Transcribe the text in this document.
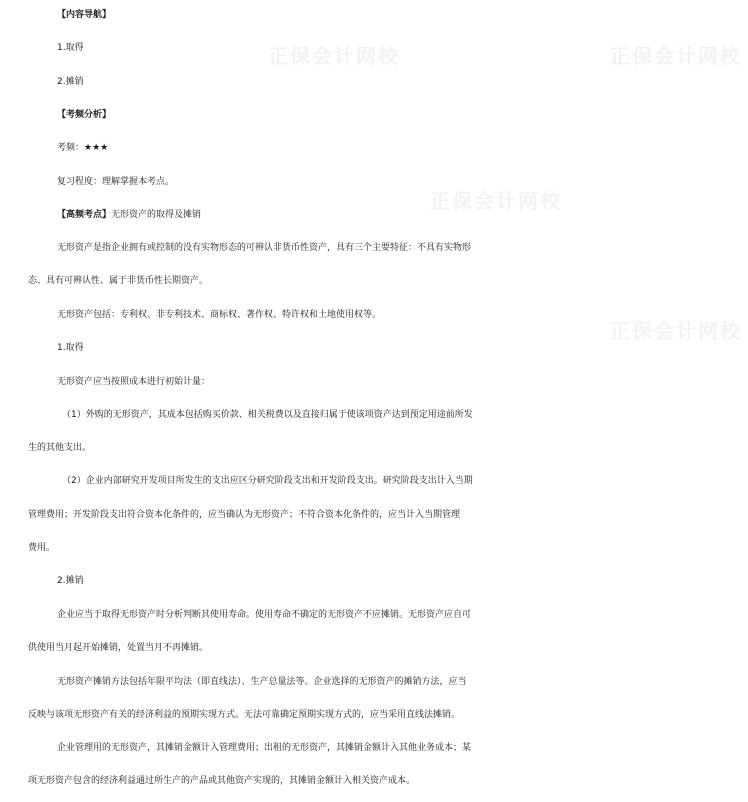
正保会计网校	正保会计网校
正保会计网校
正保会计网校
【内容导航】
1.取得
2.摊销
【考频分析】
考频：★★★
复习程度：理解掌握本考点。
【高频考点】无形资产的取得及摊销
无形资产是指企业拥有或控制的没有实物形态的可辨认非货币性资产，具有三个主要特征：不具有实物形
态、具有可辨认性、属于非货币性长期资产。
无形资产包括：专利权、非专利技术、商标权、著作权、特许权和土地使用权等。
1.取得
无形资产应当按照成本进行初始计量：
（1）外购的无形资产，其成本包括购买价款、相关税费以及直接归属于使该项资产达到预定用途前所发
生的其他支出。
（2）企业内部研究开发项目所发生的支出应区分研究阶段支出和开发阶段支出。研究阶段支出计入当期
管理费用；开发阶段支出符合资本化条件的，应当确认为无形资产；不符合资本化条件的，应当计入当期管理
费用。
2.摊销
企业应当于取得无形资产时分析判断其使用寿命。使用寿命不确定的无形资产不应摊销。无形资产应自可
供使用当月起开始摊销，处置当月不再摊销。
无形资产摊销方法包括年限平均法（即直线法）、生产总量法等。企业选择的无形资产的摊销方法，应当
反映与该项无形资产有关的经济利益的预期实现方式。无法可靠确定预期实现方式的，应当采用直线法摊销。
企业管理用的无形资产，其摊销金额计入管理费用；出租的无形资产，其摊销金额计入其他业务成本；某
项无形资产包含的经济利益通过所生产的产品或其他资产实现的，其摊销金额计入相关资产成本。
